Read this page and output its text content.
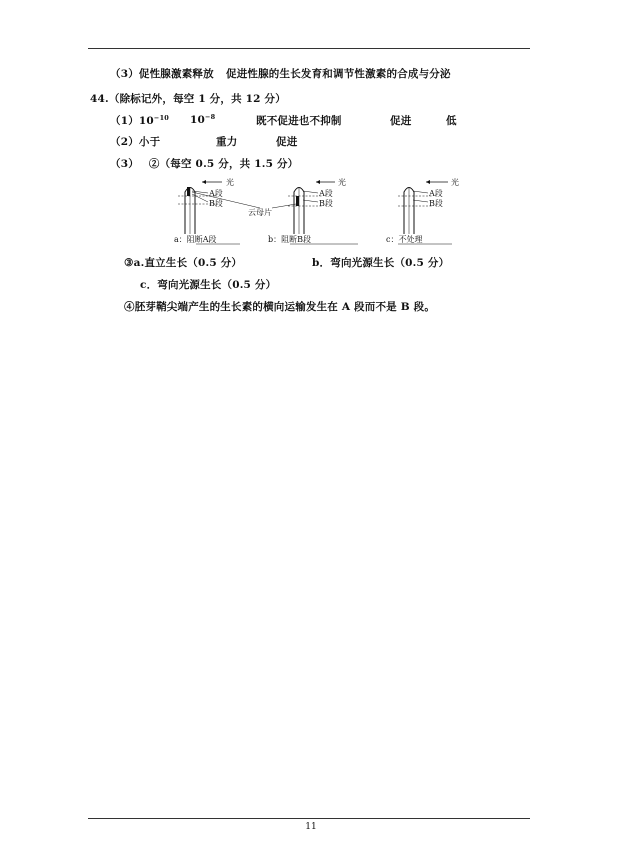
（3）促性腺激素释放 促进性腺的生长发育和调节性激素的合成与分泌
44.（除标记外，每空 1 分，共 12 分）
$(1)10^{-10}$ $10^{-8}$	既不促进也不抑制	促进	低
（2）小于	重力	促进
（3） ②（每空 0.5 分，共 1.5 分）
光
A段
B段
a：阻断A段
云母片
光
A段
B段
b：阻断B段
光
A段
B段
c：不处理
③a.直立生长（0.5 分）	b．弯向光源生长（0.5 分）
c．弯向光源生长（0.5 分）
④胚芽鞘尖端产生的生长素的横向运输发生在 A 段而不是 B 段。
11
